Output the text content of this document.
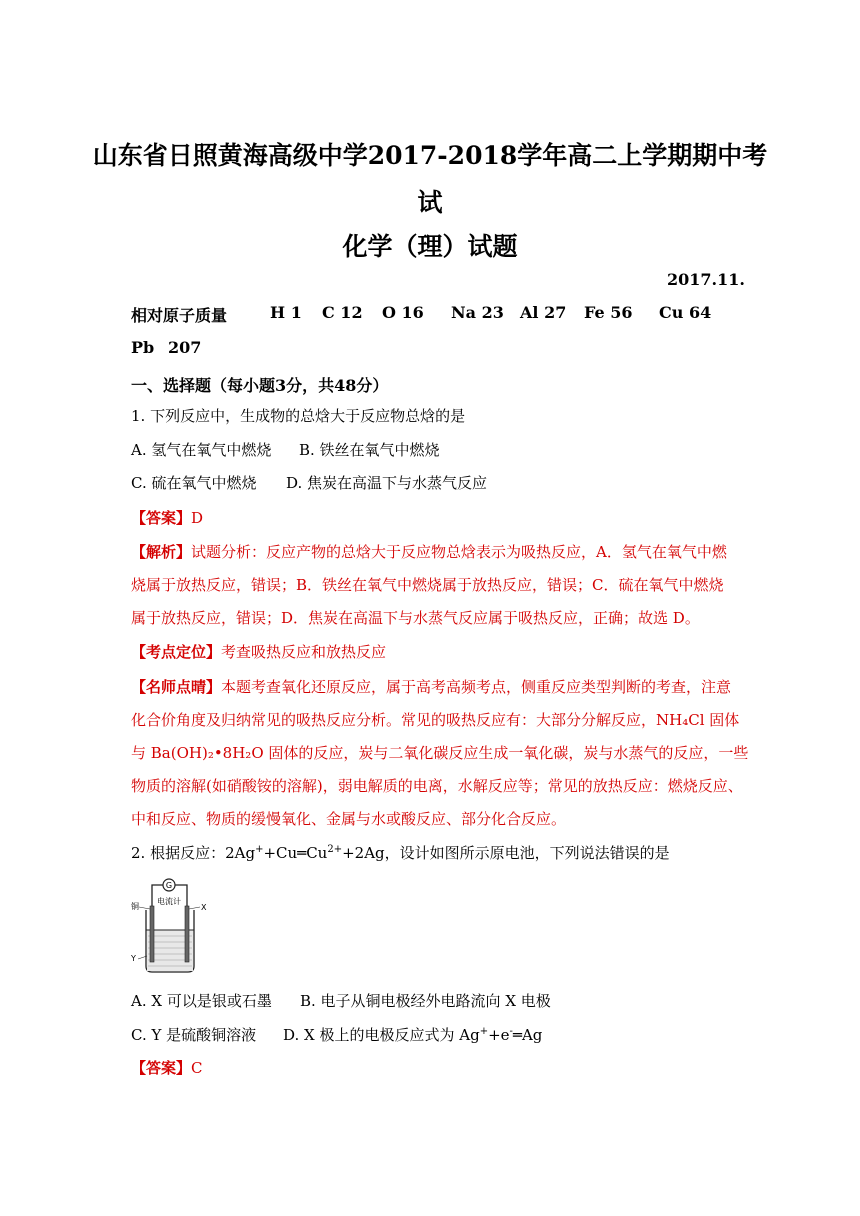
山东省日照黄海高级中学2017-2018学年高二上学期期中考
试
化学（理）试题
2017.11.
相对原子质量	H 1 C 12 O 16 Na 23 Al 27 Fe 56 Cu 64
Pb 207
一、选择题（每小题3分，共48分）
1. 下列反应中，生成物的总焓大于反应物总焓的是
A. 氢气在氧气中燃烧 B. 铁丝在氧气中燃烧
C. 硫在氧气中燃烧 D. 焦炭在高温下与水蒸气反应
【答案】D
【解析】试题分析：反应产物的总焓大于反应物总焓表示为吸热反应，A．氢气在氧气中燃
烧属于放热反应，错误；B．铁丝在氧气中燃烧属于放热反应，错误；C．硫在氧气中燃烧
属于放热反应，错误；D．焦炭在高温下与水蒸气反应属于吸热反应，正确；故选 D。
【考点定位】考查吸热反应和放热反应
【名师点晴】本题考查氧化还原反应，属于高考高频考点，侧重反应类型判断的考查，注意
化合价角度及归纳常见的吸热反应分析。常见的吸热反应有：大部分分解反应，NH₄Cl 固体
与 Ba(OH)₂•8H₂O 固体的反应，炭与二氧化碳反应生成一氧化碳，炭与水蒸气的反应，一些
物质的溶解(如硝酸铵的溶解)，弱电解质的电离，水解反应等；常见的放热反应：燃烧反应、
中和反应、物质的缓慢氧化、金属与水或酸反应、部分化合反应。
2. 根据反应：$2Ag^++Cu═Cu^{2+}+2Ag$，设计如图所示原电池，下列说法错误的是
G
电流计
铜	X
Y
A. X 可以是银或石墨 B. 电子从铜电极经外电路流向 X 电极
C. Y 是硫酸铜溶液 D. X 极上的电极反应式为 Ag++e-═Ag
【答案】C
